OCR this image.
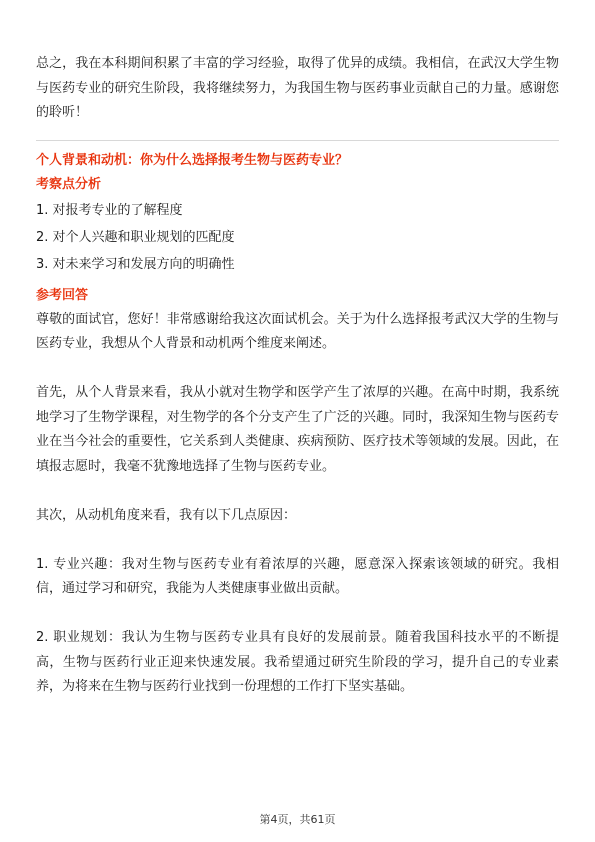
总之，我在本科期间积累了丰富的学习经验，取得了优异的成绩。我相信，在武汉大学生物与医药专业的研究生阶段，我将继续努力，为我国生物与医药事业贡献自己的力量。感谢您的聆听！

个人背景和动机：你为什么选择报考生物与医药专业？

考察点分析

1. 对报考专业的了解程度

2. 对个人兴趣和职业规划的匹配度

3. 对未来学习和发展方向的明确性

参考回答

尊敬的面试官，您好！非常感谢给我这次面试机会。关于为什么选择报考武汉大学的生物与医药专业，我想从个人背景和动机两个维度来阐述。

首先，从个人背景来看，我从小就对生物学和医学产生了浓厚的兴趣。在高中时期，我系统地学习了生物学课程，对生物学的各个分支产生了广泛的兴趣。同时，我深知生物与医药专业在当今社会的重要性，它关系到人类健康、疾病预防、医疗技术等领域的发展。因此，在填报志愿时，我毫不犹豫地选择了生物与医药专业。

其次，从动机角度来看，我有以下几点原因：

1. 专业兴趣：我对生物与医药专业有着浓厚的兴趣，愿意深入探索该领域的研究。我相信，通过学习和研究，我能为人类健康事业做出贡献。

2. 职业规划：我认为生物与医药专业具有良好的发展前景。随着我国科技水平的不断提高，生物与医药行业正迎来快速发展。我希望通过研究生阶段的学习，提升自己的专业素养，为将来在生物与医药行业找到一份理想的工作打下坚实基础。

第4页，共61页
